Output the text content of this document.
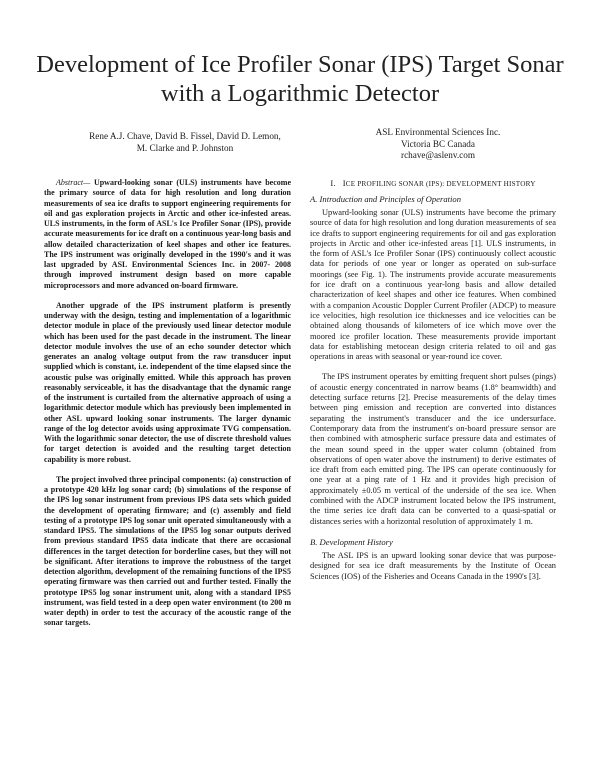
Development of Ice Profiler Sonar (IPS) Target Sonar with a Logarithmic Detector
Rene A.J. Chave, David B. Fissel, David D. Lemon,
M. Clarke and P. Johnston
ASL Environmental Sciences Inc.
Victoria BC Canada
rchave@aslenv.com

Abstract— Upward-looking sonar (ULS) instruments have become the primary source of data for high resolution and long duration measurements of sea ice drafts to support engineering requirements for oil and gas exploration projects in Arctic and other ice-infested areas. ULS instruments, in the form of ASL's Ice Profiler Sonar (IPS), provide accurate measurements for ice draft on a continuous year-long basis and allow detailed characterization of keel shapes and other ice features. The IPS instrument was originally developed in the 1990's and it was last upgraded by ASL Environmental Sciences Inc. in 2007- 2008 through improved instrument design based on more capable microprocessors and more advanced on-board firmware.

Another upgrade of the IPS instrument platform is presently underway with the design, testing and implementation of a logarithmic detector module in place of the previously used linear detector module which has been used for the past decade in the instrument. The linear detector module involves the use of an echo sounder detector which generates an analog voltage output from the raw transducer input supplied which is constant, i.e. independent of the time elapsed since the acoustic pulse was originally emitted. While this approach has proven reasonably serviceable, it has the disadvantage that the dynamic range of the instrument is curtailed from the alternative approach of using a logarithmic detector module which has previously been implemented in other ASL upward looking sonar instruments. The larger dynamic range of the log detector avoids using approximate TVG compensation. With the logarithmic sonar detector, the use of discrete threshold values for target detection is avoided and the resulting target detection capability is more robust.

The project involved three principal components: (a) construction of a prototype 420 kHz log sonar card; (b) simulations of the response of the IPS log sonar instrument from previous IPS data sets which guided the development of operating firmware; and (c) assembly and field testing of a prototype IPS log sonar unit operated simultaneously with a standard IPS5. The simulations of the IPS5 log sonar outputs derived from previous standard IPS5 data indicate that there are occasional differences in the target detection for borderline cases, but they will not be significant. After iterations to improve the robustness of the target detection algorithm, development of the remaining functions of the IPS5 operating firmware was then carried out and further tested. Finally the prototype IPS5 log sonar instrument unit, along with a standard IPS5 instrument, was field tested in a deep open water environment (to 200 m water depth) in order to test the accuracy of the acoustic range of the sonar targets.

I. ICE PROFILING SONAR (IPS): DEVELOPMENT HISTORY
A. Introduction and Principles of Operation

Upward-looking sonar (ULS) instruments have become the primary source of data for high resolution and long duration measurements of sea ice drafts to support engineering requirements for oil and gas exploration projects in Arctic and other ice-infested areas [1]. ULS instruments, in the form of ASL's Ice Profiler Sonar (IPS) continuously collect acoustic data for periods of one year or longer as operated on sub-surface moorings (see Fig. 1). The instruments provide accurate measurements for ice draft on a continuous year-long basis and allow detailed characterization of keel shapes and other ice features. When combined with a companion Acoustic Doppler Current Profiler (ADCP) to measure ice velocities, high resolution ice thicknesses and ice velocities can be obtained along thousands of kilometers of ice which move over the moored ice profiler location. These measurements provide important data for establishing metocean design criteria related to oil and gas operations in areas with seasonal or year-round ice cover.

The IPS instrument operates by emitting frequent short pulses (pings) of acoustic energy concentrated in narrow beams (1.8° beamwidth) and detecting surface returns [2]. Precise measurements of the delay times between ping emission and reception are converted into distances separating the instrument's transducer and the ice undersurface. Contemporary data from the instrument's on-board pressure sensor are then combined with atmospheric surface pressure data and estimates of the mean sound speed in the upper water column (obtained from observations of open water above the instrument) to derive estimates of ice draft from each emitted ping. The IPS can operate continuously for one year at a ping rate of 1 Hz and it provides high precision of approximately ±0.05 m vertical of the underside of the sea ice. When combined with the ADCP instrument located below the IPS instrument, the time series ice draft data can be converted to a quasi-spatial or distances series with a horizontal resolution of approximately 1 m.

B. Development History

The ASL IPS is an upward looking sonar device that was purpose-designed for sea ice draft measurements by the Institute of Ocean Sciences (IOS) of the Fisheries and Oceans Canada in the 1990's [3].
